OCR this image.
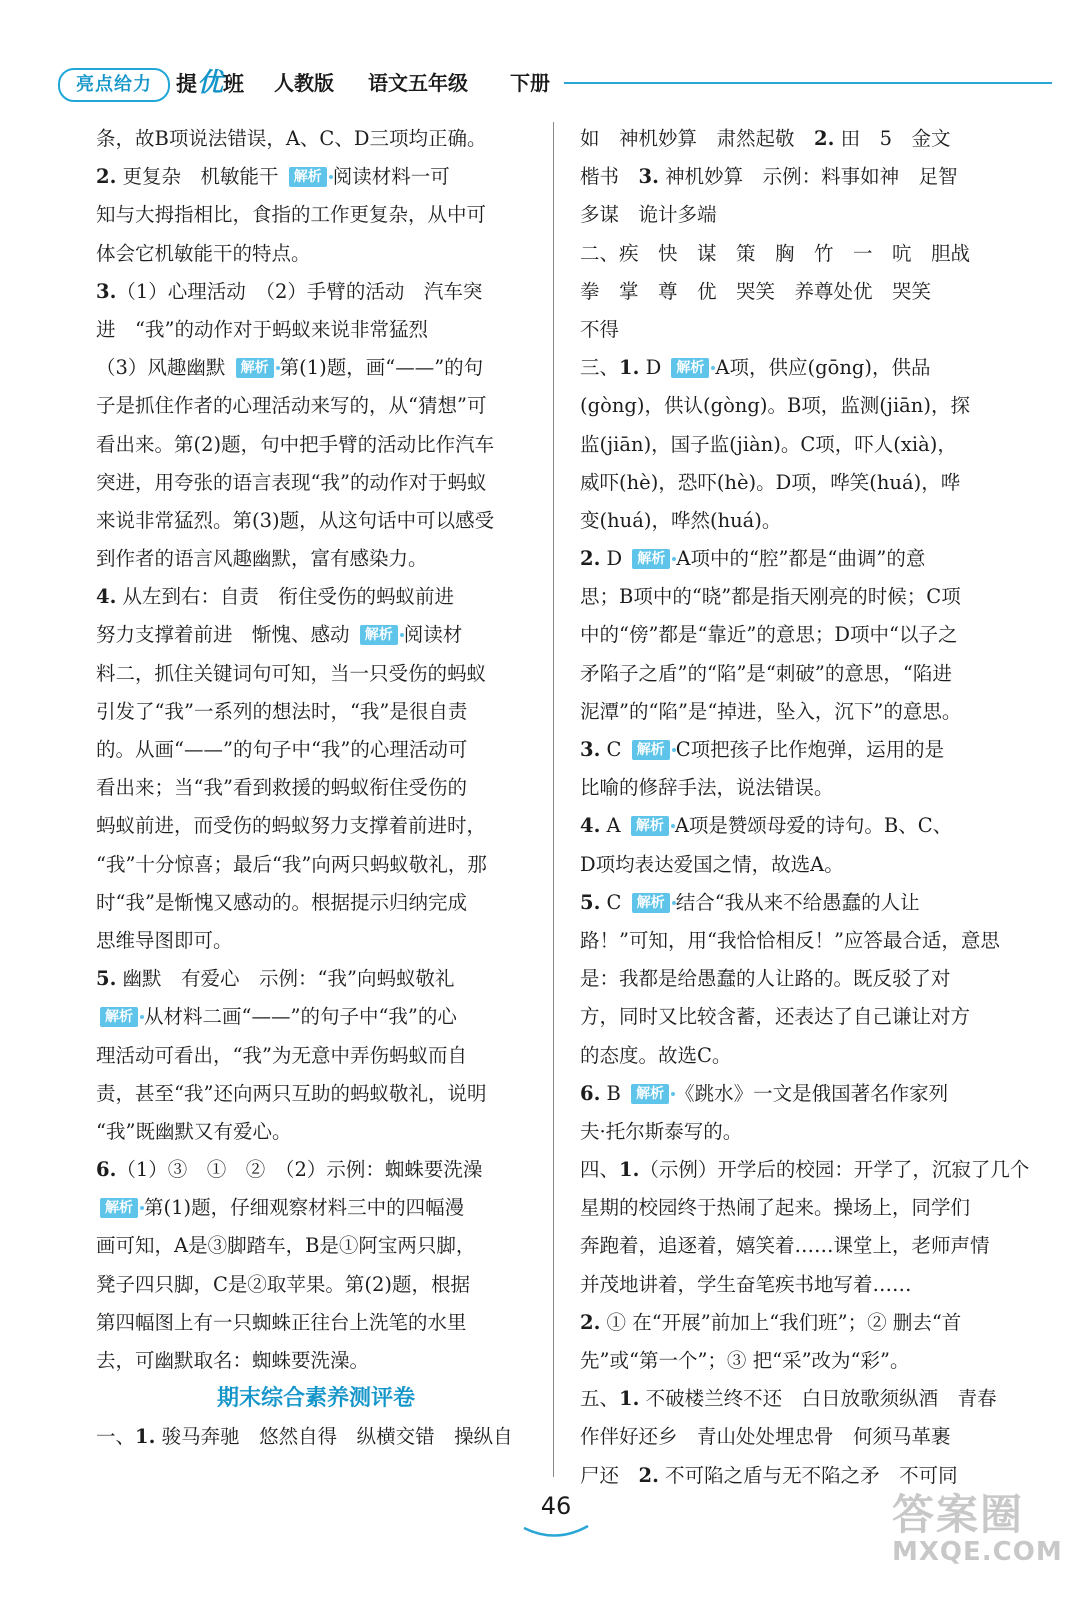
亮点给力	提优班 人教版 语文五年级 下册
条，故B项说法错误，A、C、D三项均正确。
2. 更复杂　机敏能干 解析 阅读材料一可
知与大拇指相比，食指的工作更复杂，从中可
体会它机敏能干的特点。
3.（1）心理活动　（2）手臂的活动　汽车突
进　“我”的动作对于蚂蚁来说非常猛烈
（3）风趣幽默 解析 第(1)题，画“——”的句
子是抓住作者的心理活动来写的，从“猜想”可
看出来。第(2)题，句中把手臂的活动比作汽车
突进，用夸张的语言表现“我”的动作对于蚂蚁
来说非常猛烈。第(3)题，从这句话中可以感受
到作者的语言风趣幽默，富有感染力。
4. 从左到右：自责　衔住受伤的蚂蚁前进
努力支撑着前进　惭愧、感动 解析 阅读材
料二，抓住关键词句可知，当一只受伤的蚂蚁
引发了“我”一系列的想法时，“我”是很自责
的。从画“——”的句子中“我”的心理活动可
看出来；当“我”看到救援的蚂蚁衔住受伤的
蚂蚁前进，而受伤的蚂蚁努力支撑着前进时，
“我”十分惊喜；最后“我”向两只蚂蚁敬礼，那
时“我”是惭愧又感动的。根据提示归纳完成
思维导图即可。
5. 幽默　有爱心　示例：“我”向蚂蚁敬礼
解析 从材料二画“——”的句子中“我”的心
理活动可看出，“我”为无意中弄伤蚂蚁而自
责，甚至“我”还向两只互助的蚂蚁敬礼，说明
“我”既幽默又有爱心。
6.（1）③　①　②　（2）示例：蜘蛛要洗澡
解析 第(1)题，仔细观察材料三中的四幅漫
画可知，A是③脚踏车，B是①阿宝两只脚，
凳子四只脚，C是②取苹果。第(2)题，根据
第四幅图上有一只蜘蛛正往台上洗笔的水里
去，可幽默取名：蜘蛛要洗澡。
期末综合素养测评卷
一、1. 骏马奔驰　悠然自得　纵横交错　操纵自
如　神机妙算　肃然起敬　2. 田　5　金文
楷书　3. 神机妙算　示例：料事如神　足智
多谋　诡计多端
二、疾　快　谋　策　胸　竹　一　吭　胆战
拳　掌　尊　优　哭笑　养尊处优　哭笑
不得
三、1. D 解析 A项，供应(gōng)，供品
(gòng)，供认(gòng)。B项，监测(jiān)，探
监(jiān)，国子监(jiàn)。C项，吓人(xià)，
威吓(hè)，恐吓(hè)。D项，哗笑(huá)，哗
变(huá)，哗然(huá)。
2. D 解析 A项中的“腔”都是“曲调”的意
思；B项中的“晓”都是指天刚亮的时候；C项
中的“傍”都是“靠近”的意思；D项中“以子之
矛陷子之盾”的“陷”是“刺破”的意思，“陷进
泥潭”的“陷”是“掉进，坠入，沉下”的意思。
3. C 解析 C项把孩子比作炮弹，运用的是
比喻的修辞手法，说法错误。
4. A 解析 A项是赞颂母爱的诗句。B、C、
D项均表达爱国之情，故选A。
5. C 解析 结合“我从来不给愚蠢的人让
路！”可知，用“我恰恰相反！”应答最合适，意思
是：我都是给愚蠢的人让路的。既反驳了对
方，同时又比较含蓄，还表达了自己谦让对方
的态度。故选C。
6. B 解析 《跳水》一文是俄国著名作家列
夫·托尔斯泰写的。
四、1.（示例）开学后的校园：开学了，沉寂了几个
星期的校园终于热闹了起来。操场上，同学们
奔跑着，追逐着，嬉笑着……课堂上，老师声情
并茂地讲着，学生奋笔疾书地写着……
2. ① 在“开展”前加上“我们班”；② 删去“首
先”或“第一个”；③ 把“采”改为“彩”。
五、1. 不破楼兰终不还　白日放歌须纵酒　青春
作伴好还乡　青山处处埋忠骨　何须马革裹
尸还　2. 不可陷之盾与无不陷之矛　不可同
46	答案圈
MXQE.COM
